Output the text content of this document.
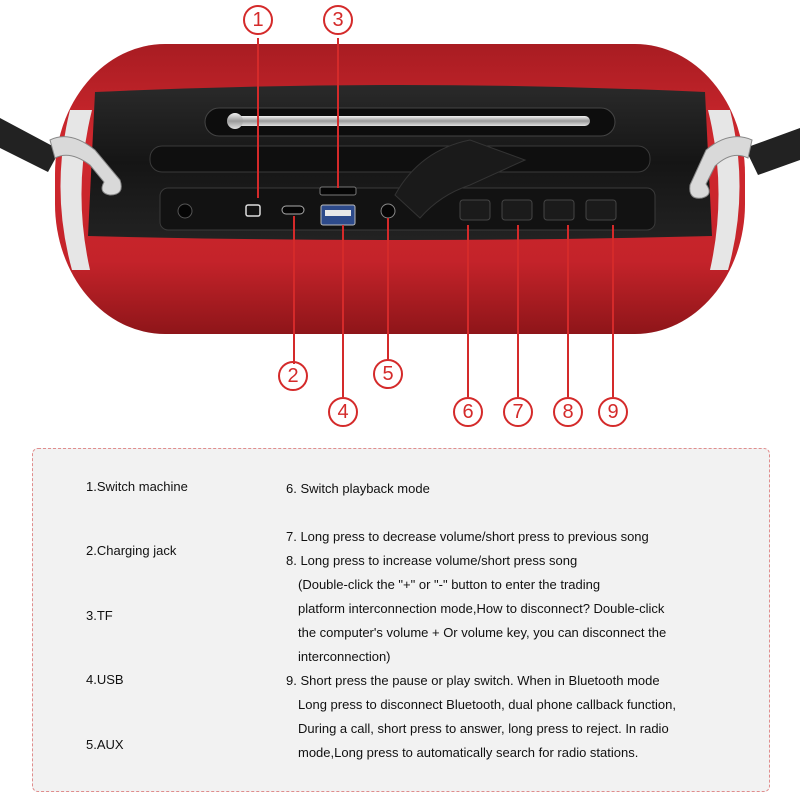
1
2
3
4
5
6	7	8	9
1.Switch machine
2.Charging jack
3.TF
4.USB
5.AUX
6. Switch playback mode
7. Long press to decrease volume/short press to previous song
8. Long press to increase volume/short press song
(Double-click the "+" or "-" button to enter the trading
platform interconnection mode,How to disconnect? Double-click
the computer's volume + Or volume key, you can disconnect the
interconnection)
9. Short press the pause or play switch. When in Bluetooth mode
Long press to disconnect Bluetooth, dual phone callback function,
During a call, short press to answer, long press to reject. In radio
mode,Long press to automatically search for radio stations.
